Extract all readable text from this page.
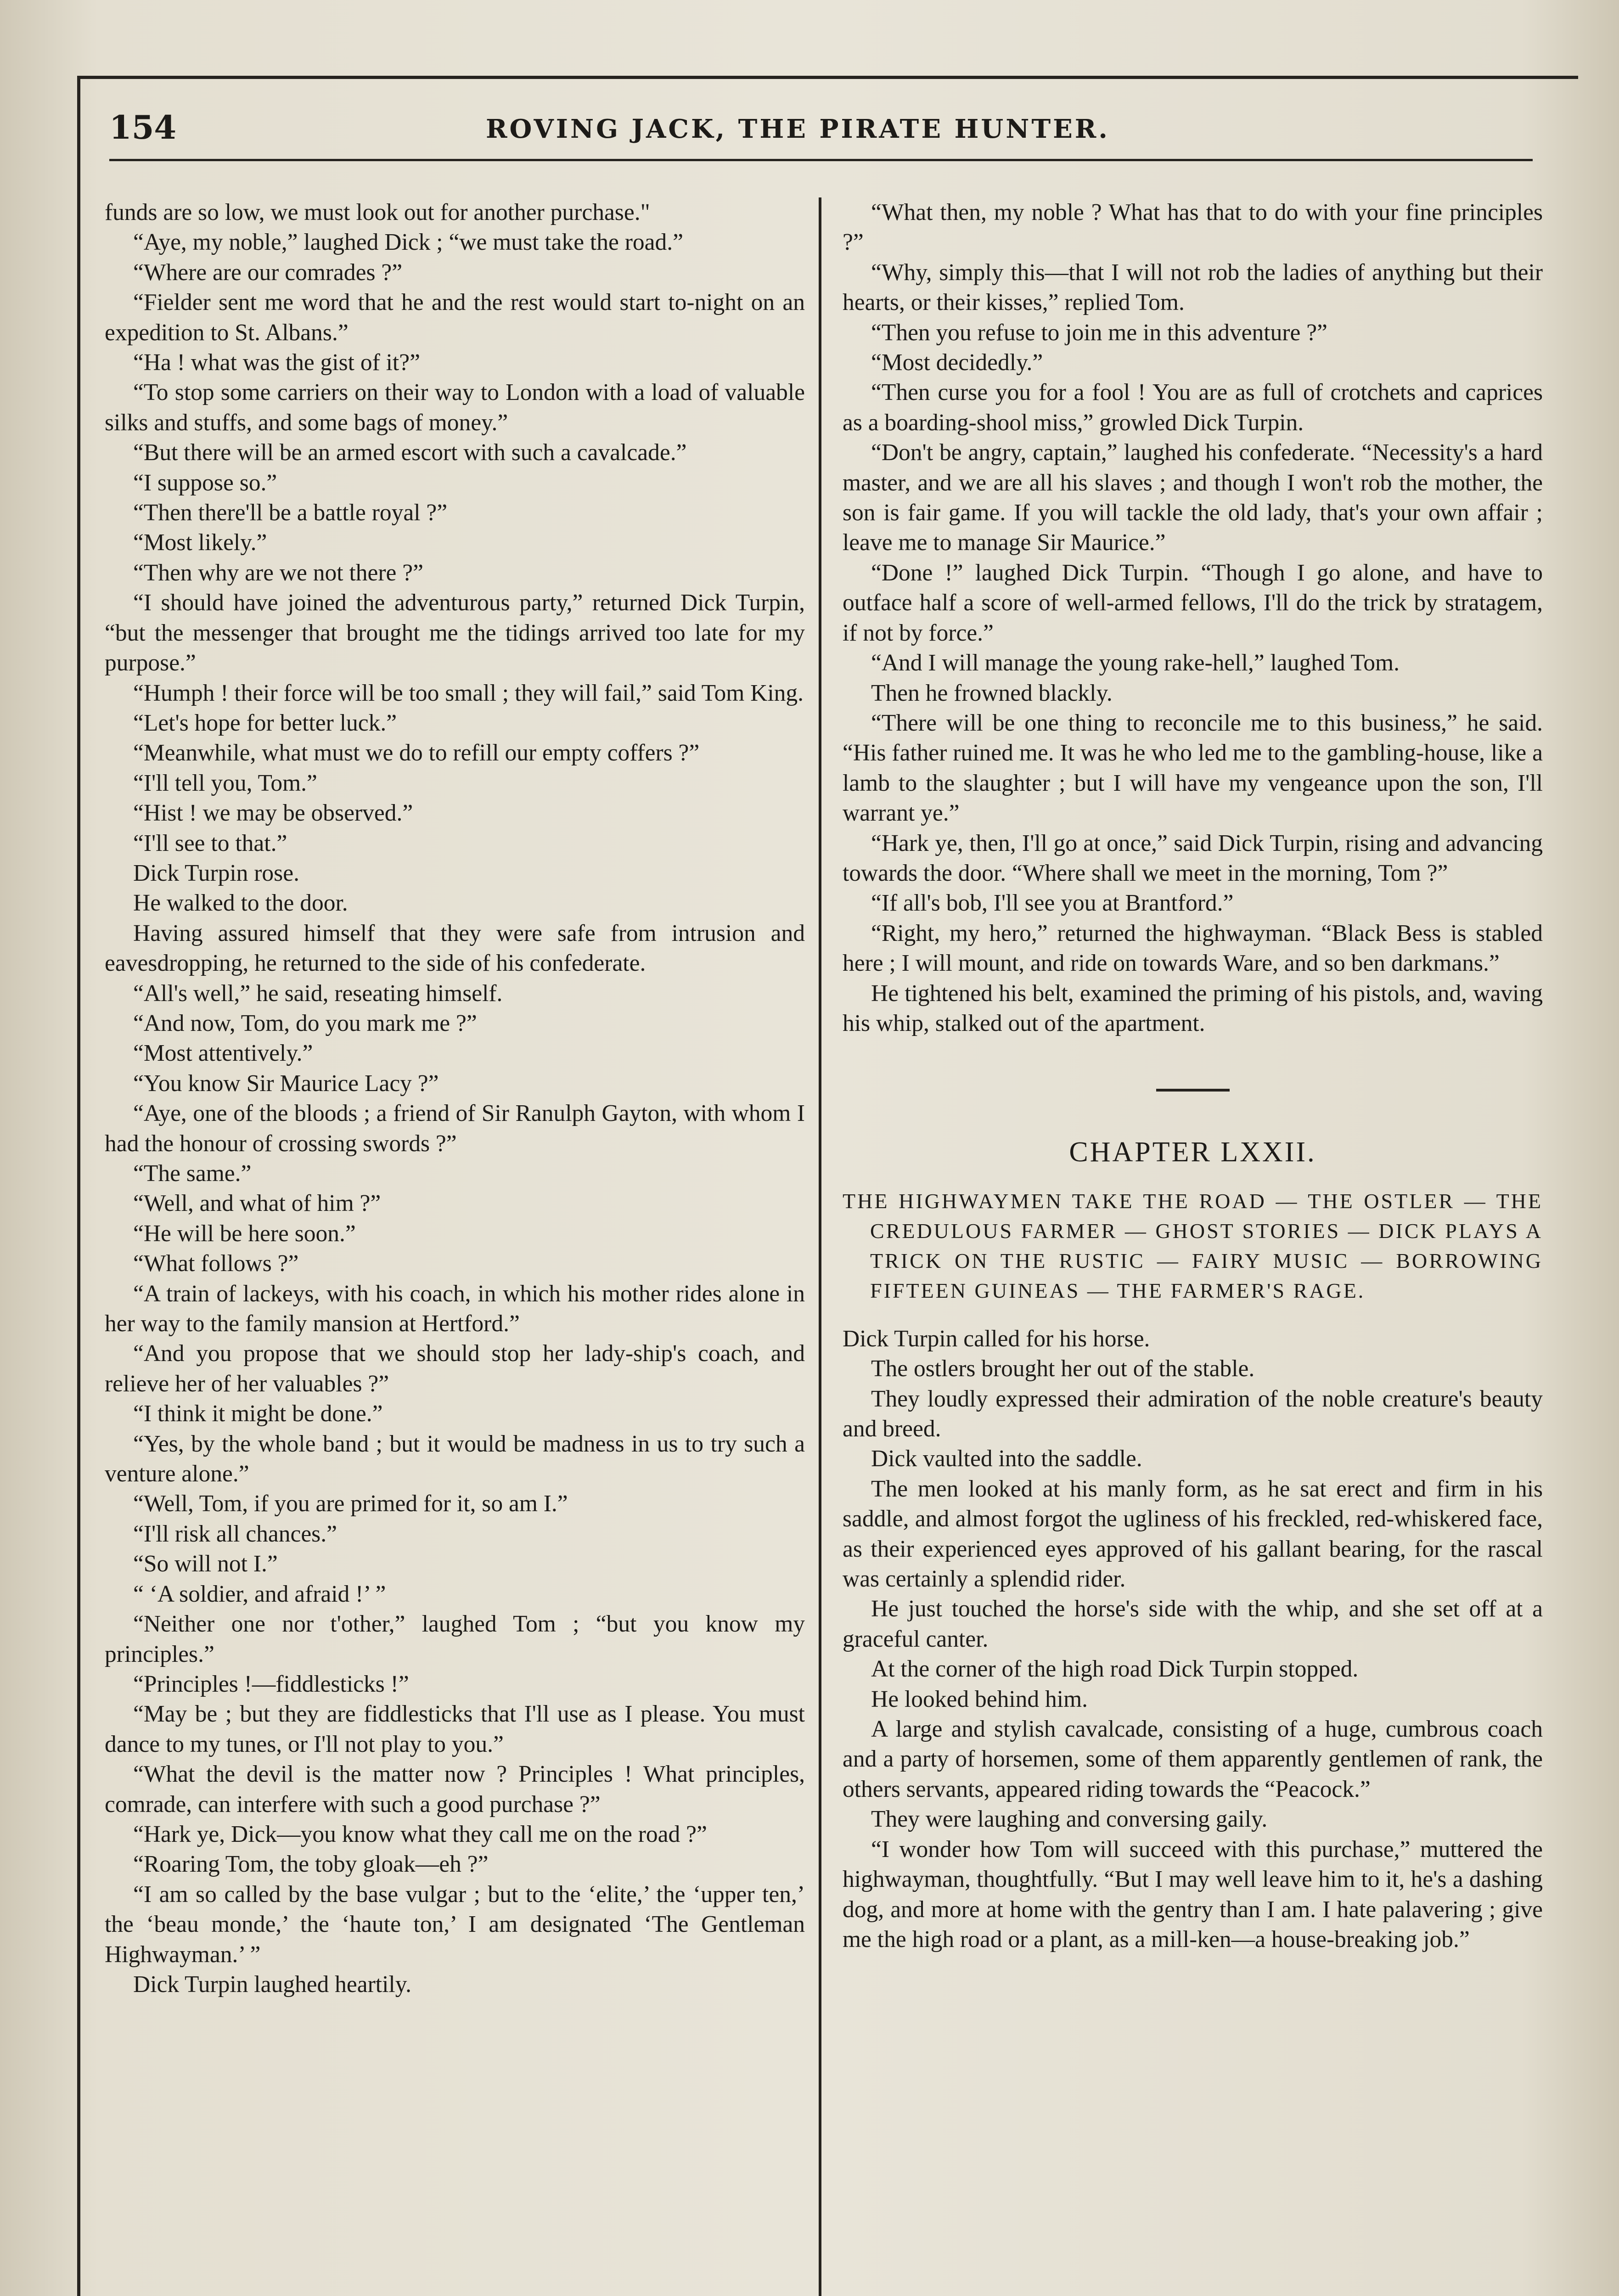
154	ROVING JACK, THE PIRATE HUNTER.

funds are so low, we must look out for another purchase."

“Aye, my noble,” laughed Dick ; “we must take the road.”

“Where are our comrades ?”

“Fielder sent me word that he and the rest would start to-night on an expedition to St. Albans.”

“Ha ! what was the gist of it?”

“To stop some carriers on their way to London with a load of valuable silks and stuffs, and some bags of money.”

“But there will be an armed escort with such a cavalcade.”

“I suppose so.”

“Then there'll be a battle royal ?”

“Most likely.”

“Then why are we not there ?”

“I should have joined the adventurous party,” returned Dick Turpin, “but the messenger that brought me the tidings arrived too late for my purpose.”

“Humph ! their force will be too small ; they will fail,” said Tom King.

“Let's hope for better luck.”

“Meanwhile, what must we do to refill our empty coffers ?”

“I'll tell you, Tom.”

“Hist ! we may be observed.”

“I'll see to that.”

Dick Turpin rose.

He walked to the door.

Having assured himself that they were safe from intrusion and eavesdropping, he returned to the side of his confederate.

“All's well,” he said, reseating himself.

“And now, Tom, do you mark me ?”

“Most attentively.”

“You know Sir Maurice Lacy ?”

“Aye, one of the bloods ; a friend of Sir Ranulph Gayton, with whom I had the honour of crossing swords ?”

“The same.”

“Well, and what of him ?”

“He will be here soon.”

“What follows ?”

“A train of lackeys, with his coach, in which his mother rides alone in her way to the family mansion at Hertford.”

“And you propose that we should stop her lady-ship's coach, and relieve her of her valuables ?”

“I think it might be done.”

“Yes, by the whole band ; but it would be madness in us to try such a venture alone.”

“Well, Tom, if you are primed for it, so am I.”

“I'll risk all chances.”

“So will not I.”

“ ‘A soldier, and afraid !’ ”

“Neither one nor t'other,” laughed Tom ; “but you know my principles.”

“Principles !—fiddlesticks !”

“May be ; but they are fiddlesticks that I'll use as I please. You must dance to my tunes, or I'll not play to you.”

“What the devil is the matter now ? Principles ! What principles, comrade, can interfere with such a good purchase ?”

“Hark ye, Dick—you know what they call me on the road ?”

“Roaring Tom, the toby gloak—eh ?”

“I am so called by the base vulgar ; but to the ‘elite,’ the ‘upper ten,’ the ‘beau monde,’ the ‘haute ton,’ I am designated ‘The Gentleman Highwayman.’ ”

Dick Turpin laughed heartily.

“What then, my noble ? What has that to do with your fine principles ?”

“Why, simply this—that I will not rob the ladies of anything but their hearts, or their kisses,” replied Tom.

“Then you refuse to join me in this adventure ?”

“Most decidedly.”

“Then curse you for a fool ! You are as full of crotchets and caprices as a boarding-shool miss,” growled Dick Turpin.

“Don't be angry, captain,” laughed his confederate. “Necessity's a hard master, and we are all his slaves ; and though I won't rob the mother, the son is fair game. If you will tackle the old lady, that's your own affair ; leave me to manage Sir Maurice.”

“Done !” laughed Dick Turpin. “Though I go alone, and have to outface half a score of well-armed fellows, I'll do the trick by stratagem, if not by force.”

“And I will manage the young rake-hell,” laughed Tom.

Then he frowned blackly.

“There will be one thing to reconcile me to this business,” he said. “His father ruined me. It was he who led me to the gambling-house, like a lamb to the slaughter ; but I will have my vengeance upon the son, I'll warrant ye.”

“Hark ye, then, I'll go at once,” said Dick Turpin, rising and advancing towards the door. “Where shall we meet in the morning, Tom ?”

“If all's bob, I'll see you at Brantford.”

“Right, my hero,” returned the highwayman. “Black Bess is stabled here ; I will mount, and ride on towards Ware, and so ben darkmans.”

He tightened his belt, examined the priming of his pistols, and, waving his whip, stalked out of the apartment.

CHAPTER LXXII.
THE HIGHWAYMEN TAKE THE ROAD — THE OSTLER — THE CREDULOUS FARMER — GHOST STORIES — DICK PLAYS A TRICK ON THE RUSTIC — FAIRY MUSIC — BORROWING FIFTEEN GUINEAS — THE FARMER'S RAGE.

Dick Turpin called for his horse.

The ostlers brought her out of the stable.

They loudly expressed their admiration of the noble creature's beauty and breed.

Dick vaulted into the saddle.

The men looked at his manly form, as he sat erect and firm in his saddle, and almost forgot the ugliness of his freckled, red-whiskered face, as their experienced eyes approved of his gallant bearing, for the rascal was certainly a splendid rider.

He just touched the horse's side with the whip, and she set off at a graceful canter.

At the corner of the high road Dick Turpin stopped.

He looked behind him.

A large and stylish cavalcade, consisting of a huge, cumbrous coach and a party of horsemen, some of them apparently gentlemen of rank, the others servants, appeared riding towards the “Peacock.”

They were laughing and conversing gaily.

“I wonder how Tom will succeed with this purchase,” muttered the highwayman, thoughtfully. “But I may well leave him to it, he's a dashing dog, and more at home with the gentry than I am. I hate palavering ; give me the high road or a plant, as a mill-ken—a house-breaking job.”
